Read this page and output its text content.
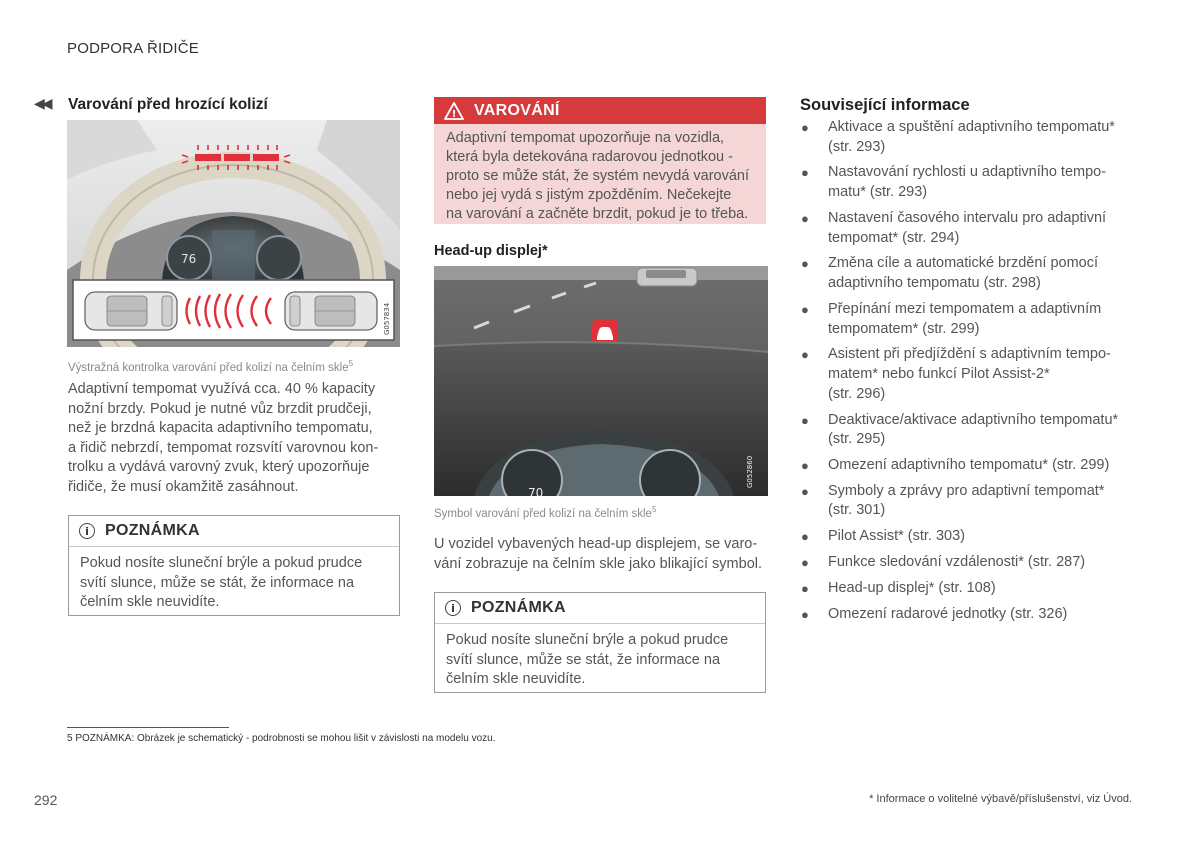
PODPORA ŘIDIČE
◀◀ Varování před hrozící kolizí
76
G057834
Výstražná kontrolka varování před kolizí na čelním skle$^5$
Adaptivní tempomat využívá cca. 40 % kapacity
nožní brzdy. Pokud je nutné vůz brzdit prudčeji,
než je brzdná kapacita adaptivního tempomatu,
a řidič nebrzdí, tempomat rozsvítí varovnou kon-
trolku a vydává varovný zvuk, který upozorňuje
řidiče, že musí okamžitě zasáhnout.
i	POZNÁMKA
Pokud nosíte sluneční brýle a pokud prudce
svítí slunce, může se stát, že informace na
čelním skle neuvidíte.
! VAROVÁNÍ
Adaptivní tempomat upozorňuje na vozidla,
která byla detekována radarovou jednotkou -
proto se může stát, že systém nevydá varování
nebo jej vydá s jistým zpožděním. Nečekejte
na varování a začněte brzdit, pokud je to třeba.
Head-up displej*
70
G052860
Symbol varování před kolizí na čelním skle$^5$
U vozidel vybavených head-up displejem, se varo-
vání zobrazuje na čelním skle jako blikající symbol.
i	POZNÁMKA
Pokud nosíte sluneční brýle a pokud prudce
svítí slunce, může se stát, že informace na
čelním skle neuvidíte.
Související informace
● Aktivace a spuštění adaptivního tempomatu*
(str. 293)
● Nastavování rychlosti u adaptivního tempo-
matu* (str. 293)
● Nastavení časového intervalu pro adaptivní
tempomat* (str. 294)
● Změna cíle a automatické brzdění pomocí
adaptivního tempomatu (str. 298)
● Přepínání mezi tempomatem a adaptivním
tempomatem* (str. 299)
● Asistent při předjíždění s adaptivním tempo-
matem* nebo funkcí Pilot Assist-2*
(str. 296)
● Deaktivace/aktivace adaptivního tempomatu*
(str. 295)
● Omezení adaptivního tempomatu* (str. 299)
● Symboly a zprávy pro adaptivní tempomat*
(str. 301)
● Pilot Assist* (str. 303)
● Funkce sledování vzdálenosti* (str. 287)
● Head-up displej* (str. 108)
● Omezení radarové jednotky (str. 326)
5 POZNÁMKA: Obrázek je schematický - podrobnosti se mohou lišit v závislosti na modelu vozu.
292	* Informace o volitelné výbavě/příslušenství, viz Úvod.
